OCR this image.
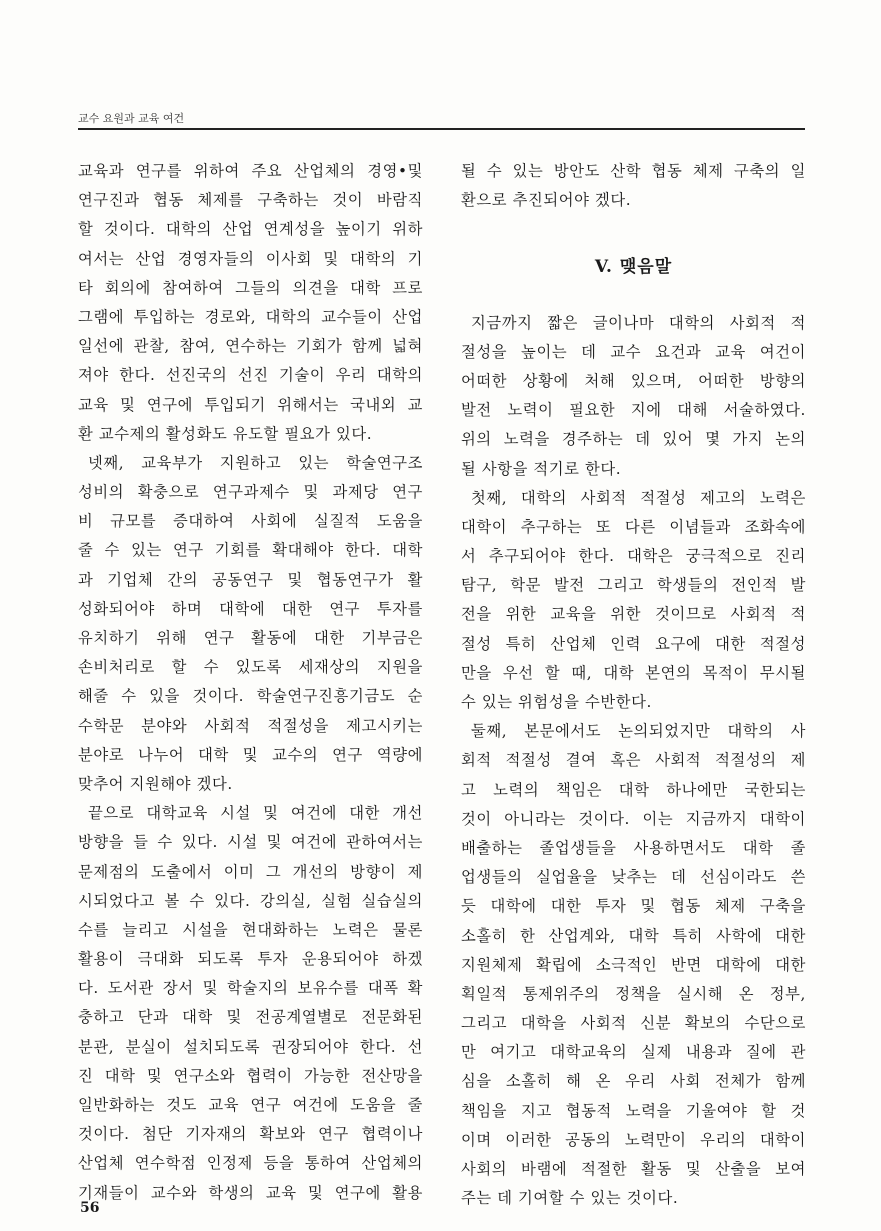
교수 요원과 교육 여건
교육과 연구를 위하여 주요 산업체의 경영•및
연구진과 협동 체제를 구축하는 것이 바람직
할 것이다. 대학의 산업 연계성을 높이기 위하
여서는 산업 경영자들의 이사회 및 대학의 기
타 회의에 참여하여 그들의 의견을 대학 프로
그램에 투입하는 경로와, 대학의 교수들이 산업
일선에 관찰, 참여, 연수하는 기회가 함께 넓혀
져야 한다. 선진국의 선진 기술이 우리 대학의
교육 및 연구에 투입되기 위해서는 국내외 교
환 교수제의 활성화도 유도할 필요가 있다.
넷째, 교육부가 지원하고 있는 학술연구조
성비의 확충으로 연구과제수 및 과제당 연구
비 규모를 증대하여 사회에 실질적 도움을
줄 수 있는 연구 기회를 확대해야 한다. 대학
과 기업체 간의 공동연구 및 협동연구가 활
성화되어야 하며 대학에 대한 연구 투자를
유치하기 위해 연구 활동에 대한 기부금은
손비처리로 할 수 있도록 세재상의 지원을
해줄 수 있을 것이다. 학술연구진흥기금도 순
수학문 분야와 사회적 적절성을 제고시키는
분야로 나누어 대학 및 교수의 연구 역량에
맞추어 지원해야 겠다.
끝으로 대학교육 시설 및 여건에 대한 개선
방향을 들 수 있다. 시설 및 여건에 관하여서는
문제점의 도출에서 이미 그 개선의 방향이 제
시되었다고 볼 수 있다. 강의실, 실험 실습실의
수를 늘리고 시설을 현대화하는 노력은 물론
활용이 극대화 되도록 투자 운용되어야 하겠
다. 도서관 장서 및 학술지의 보유수를 대폭 확
충하고 단과 대학 및 전공계열별로 전문화된
분관, 분실이 설치되도록 권장되어야 한다. 선
진 대학 및 연구소와 협력이 가능한 전산망을
일반화하는 것도 교육 연구 여건에 도움을 줄
것이다. 첨단 기자재의 확보와 연구 협력이나
산업체 연수학점 인정제 등을 통하여 산업체의
기재들이 교수와 학생의 교육 및 연구에 활용
될 수 있는 방안도 산학 협동 체제 구축의 일
환으로 추진되어야 겠다.
V. 맺음말
지금까지 짧은 글이나마 대학의 사회적 적
절성을 높이는 데 교수 요건과 교육 여건이
어떠한 상황에 처해 있으며, 어떠한 방향의
발전 노력이 필요한 지에 대해 서술하였다.
위의 노력을 경주하는 데 있어 몇 가지 논의
될 사항을 적기로 한다.
첫째, 대학의 사회적 적절성 제고의 노력은
대학이 추구하는 또 다른 이념들과 조화속에
서 추구되어야 한다. 대학은 궁극적으로 진리
탐구, 학문 발전 그리고 학생들의 전인적 발
전을 위한 교육을 위한 것이므로 사회적 적
절성 특히 산업체 인력 요구에 대한 적절성
만을 우선 할 때, 대학 본연의 목적이 무시될
수 있는 위험성을 수반한다.
둘째, 본문에서도 논의되었지만 대학의 사
회적 적절성 결여 혹은 사회적 적절성의 제
고 노력의 책임은 대학 하나에만 국한되는
것이 아니라는 것이다. 이는 지금까지 대학이
배출하는 졸업생들을 사용하면서도 대학 졸
업생들의 실업율을 낮추는 데 선심이라도 쓴
듯 대학에 대한 투자 및 협동 체제 구축을
소홀히 한 산업계와, 대학 특히 사학에 대한
지원체제 확립에 소극적인 반면 대학에 대한
획일적 통제위주의 정책을 실시해 온 정부,
그리고 대학을 사회적 신분 확보의 수단으로
만 여기고 대학교육의 실제 내용과 질에 관
심을 소홀히 해 온 우리 사회 전체가 함께
책임을 지고 협동적 노력을 기울여야 할 것
이며 이러한 공동의 노력만이 우리의 대학이
사회의 바램에 적절한 활동 및 산출을 보여
주는 데 기여할 수 있는 것이다.
56
